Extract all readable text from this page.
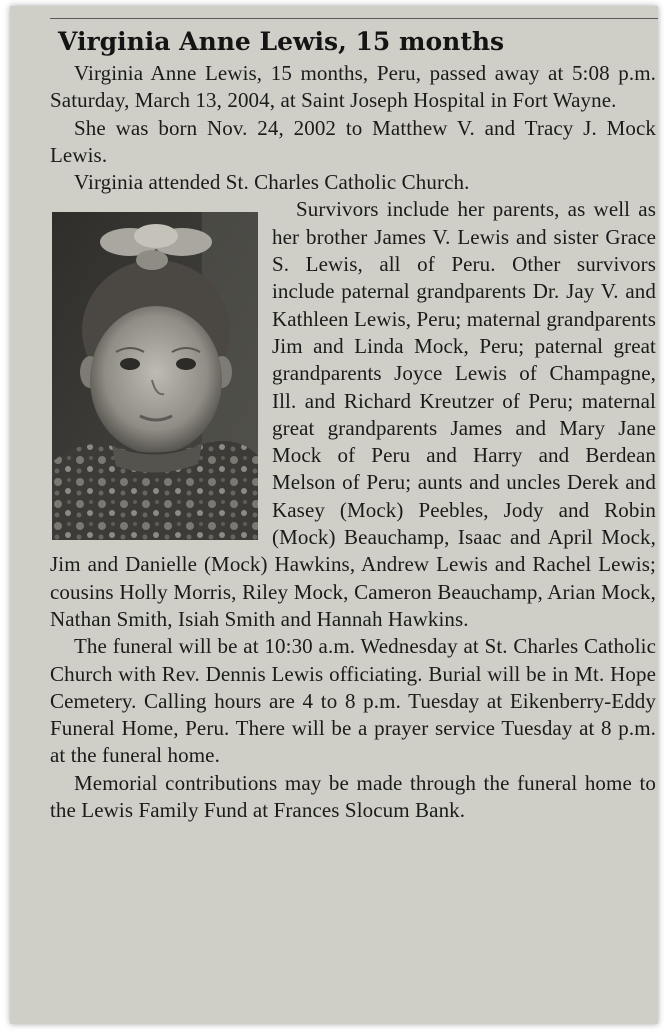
Virginia Anne Lewis, 15 months

Virginia Anne Lewis, 15 months, Peru, passed away at 5:08 p.m. Saturday, March 13, 2004, at Saint Joseph Hospital in Fort Wayne.

She was born Nov. 24, 2002 to Matthew V. and Tracy J. Mock Lewis.

Virginia attended St. Charles Catholic Church.

Survivors include her parents, as well as her brother James V. Lewis and sister Grace S. Lewis, all of Peru. Other survivors include paternal grandparents Dr. Jay V. and Kathleen Lewis, Peru; maternal grandparents Jim and Linda Mock, Peru; paternal great grandparents Joyce Lewis of Champagne, Ill. and Richard Kreutzer of Peru; maternal great grandparents James and Mary Jane Mock of Peru and Harry and Berdean Melson of Peru; aunts and uncles Derek and Kasey (Mock) Peebles, Jody and Robin (Mock) Beauchamp, Isaac and April Mock, Jim and Danielle (Mock) Hawkins, Andrew Lewis and Rachel Lewis; cousins Holly Morris, Riley Mock, Cameron Beauchamp, Arian Mock, Nathan Smith, Isiah Smith and Hannah Hawkins.

The funeral will be at 10:30 a.m. Wednesday at St. Charles Catholic Church with Rev. Dennis Lewis officiating. Burial will be in Mt. Hope Cemetery. Calling hours are 4 to 8 p.m. Tuesday at Eikenberry-Eddy Funeral Home, Peru. There will be a prayer service Tuesday at 8 p.m. at the funeral home.

Memorial contributions may be made through the funeral home to the Lewis Family Fund at Frances Slocum Bank.
